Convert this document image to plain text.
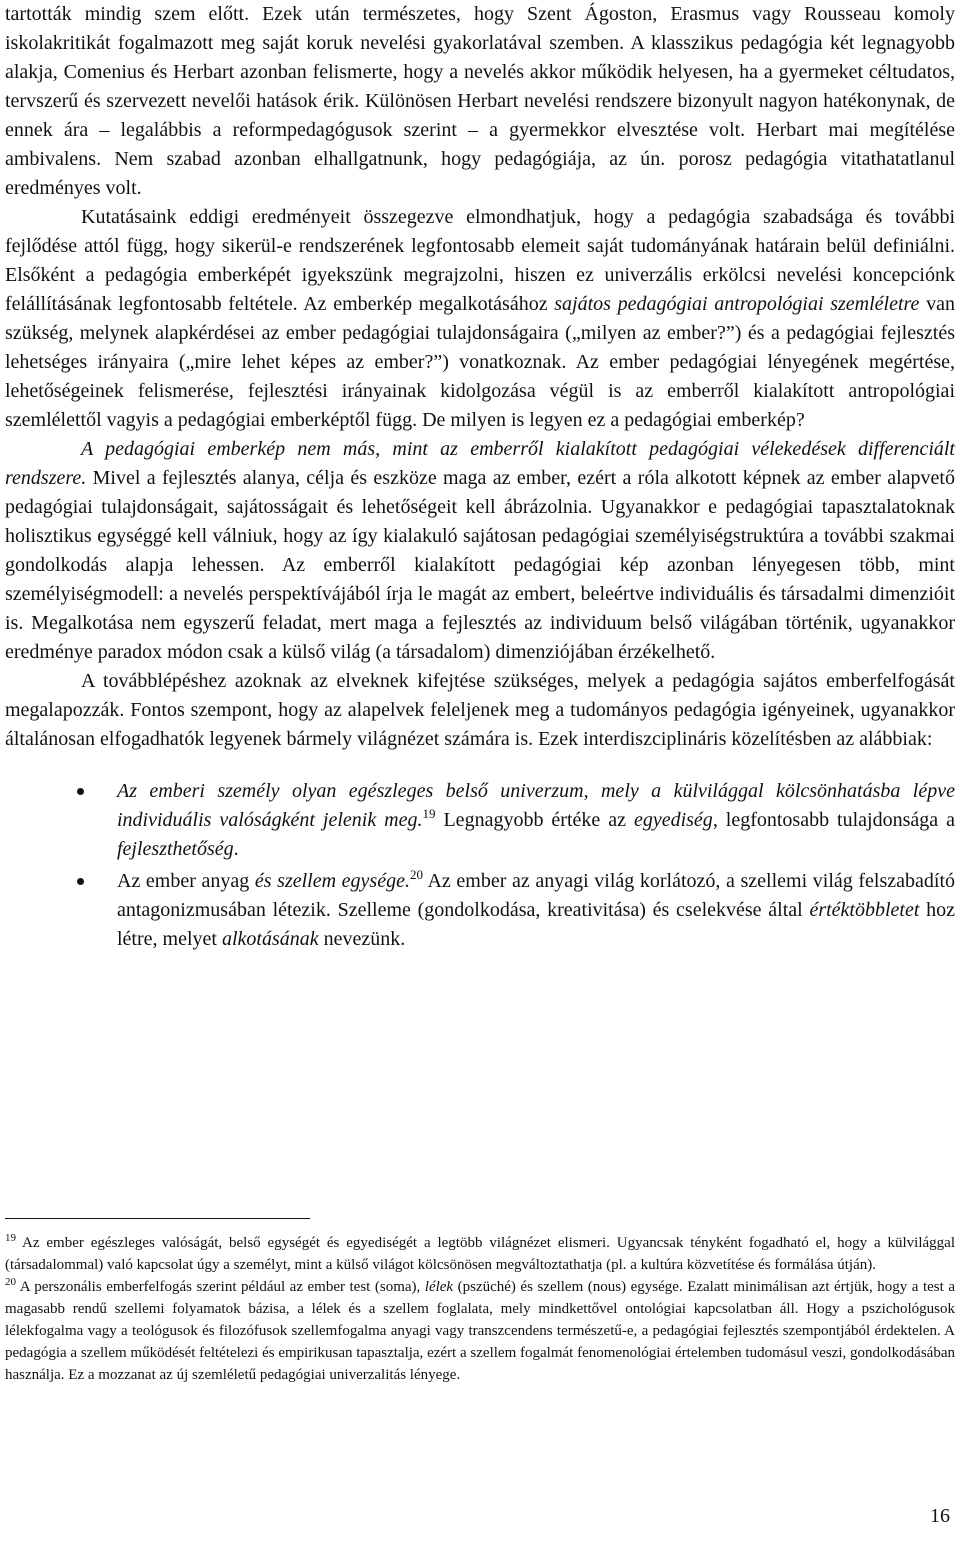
tartották mindig szem előtt. Ezek után természetes, hogy Szent Ágoston, Erasmus vagy Rousseau komoly iskolakritikát fogalmazott meg saját koruk nevelési gyakorlatával szemben. A klasszikus pedagógia két legnagyobb alakja, Comenius és Herbart azonban felismerte, hogy a nevelés akkor működik helyesen, ha a gyermeket céltudatos, tervszerű és szervezett nevelői hatások érik. Különösen Herbart nevelési rendszere bizonyult nagyon hatékonynak, de ennek ára – legalábbis a reformpedagógusok szerint – a gyermekkor elvesztése volt. Herbart mai megítélése ambivalens. Nem szabad azonban elhallgatnunk, hogy pedagógiája, az ún. porosz pedagógia vitathatatlanul eredményes volt.

Kutatásaink eddigi eredményeit összegezve elmondhatjuk, hogy a pedagógia szabadsága és további fejlődése attól függ, hogy sikerül-e rendszerének legfontosabb elemeit saját tudományának határain belül definiálni. Elsőként a pedagógia emberképét igyekszünk megrajzolni, hiszen ez univerzális erkölcsi nevelési koncepciónk felállításának legfontosabb feltétele. Az emberkép megalkotásához sajátos pedagógiai antropológiai szemléletre van szükség, melynek alapkérdései az ember pedagógiai tulajdonságaira („milyen az ember?”) és a pedagógiai fejlesztés lehetséges irányaira („mire lehet képes az ember?”) vonatkoznak. Az ember pedagógiai lényegének megértése, lehetőségeinek felismerése, fejlesztési irányainak kidolgozása végül is az emberről kialakított antropológiai szemlélettől vagyis a pedagógiai emberképtől függ. De milyen is legyen ez a pedagógiai emberkép?

A pedagógiai emberkép nem más, mint az emberről kialakított pedagógiai vélekedések differenciált rendszere. Mivel a fejlesztés alanya, célja és eszköze maga az ember, ezért a róla alkotott képnek az ember alapvető pedagógiai tulajdonságait, sajátosságait és lehetőségeit kell ábrázolnia. Ugyanakkor e pedagógiai tapasztalatoknak holisztikus egységgé kell válniuk, hogy az így kialakuló sajátosan pedagógiai személyiségstruktúra a további szakmai gondolkodás alapja lehessen. Az emberről kialakított pedagógiai kép azonban lényegesen több, mint személyiségmodell: a nevelés perspektívájából írja le magát az embert, beleértve individuális és társadalmi dimenzióit is. Megalkotása nem egyszerű feladat, mert maga a fejlesztés az individuum belső világában történik, ugyanakkor eredménye paradox módon csak a külső világ (a társadalom) dimenziójában érzékelhető.

A továbblépéshez azoknak az elveknek kifejtése szükséges, melyek a pedagógia sajátos emberfelfogását megalapozzák. Fontos szempont, hogy az alapelvek feleljenek meg a tudományos pedagógia igényeinek, ugyanakkor általánosan elfogadhatók legyenek bármely világnézet számára is. Ezek interdiszciplináris közelítésben az alábbiak:

Az emberi személy olyan egészleges belső univerzum, mely a külvilággal kölcsönhatásba lépve individuális valóságként jelenik meg.$^{19}$ Legnagyobb értéke az egyediség, legfontosabb tulajdonsága a fejleszthetőség.
Az ember anyag és szellem egysége.$^{20}$ Az ember az anyagi világ korlátozó, a szellemi világ felszabadító antagonizmusában létezik. Szelleme (gondolkodása, kreativitása) és cselekvése által értéktöbbletet hoz létre, melyet alkotásának nevezünk.

$^{19}$ Az ember egészleges valóságát, belső egységét és egyediségét a legtöbb világnézet elismeri. Ugyancsak tényként fogadható el, hogy a külvilággal (társadalommal) való kapcsolat úgy a személyt, mint a külső világot kölcsönösen megváltoztathatja (pl. a kultúra közvetítése és formálása útján).

$^{20}$ A perszonális emberfelfogás szerint például az ember test (soma), lélek (pszüché) és szellem (nous) egysége. Ezalatt minimálisan azt értjük, hogy a test a magasabb rendű szellemi folyamatok bázisa, a lélek és a szellem foglalata, mely mindkettővel ontológiai kapcsolatban áll. Hogy a pszichológusok lélekfogalma vagy a teológusok és filozófusok szellemfogalma anyagi vagy transzcendens természetű-e, a pedagógiai fejlesztés szempontjából érdektelen. A pedagógia a szellem működését feltételezi és empirikusan tapasztalja, ezért a szellem fogalmát fenomenológiai értelemben tudomásul veszi, gondolkodásában használja. Ez a mozzanat az új szemléletű pedagógiai univerzalitás lényege.

16
